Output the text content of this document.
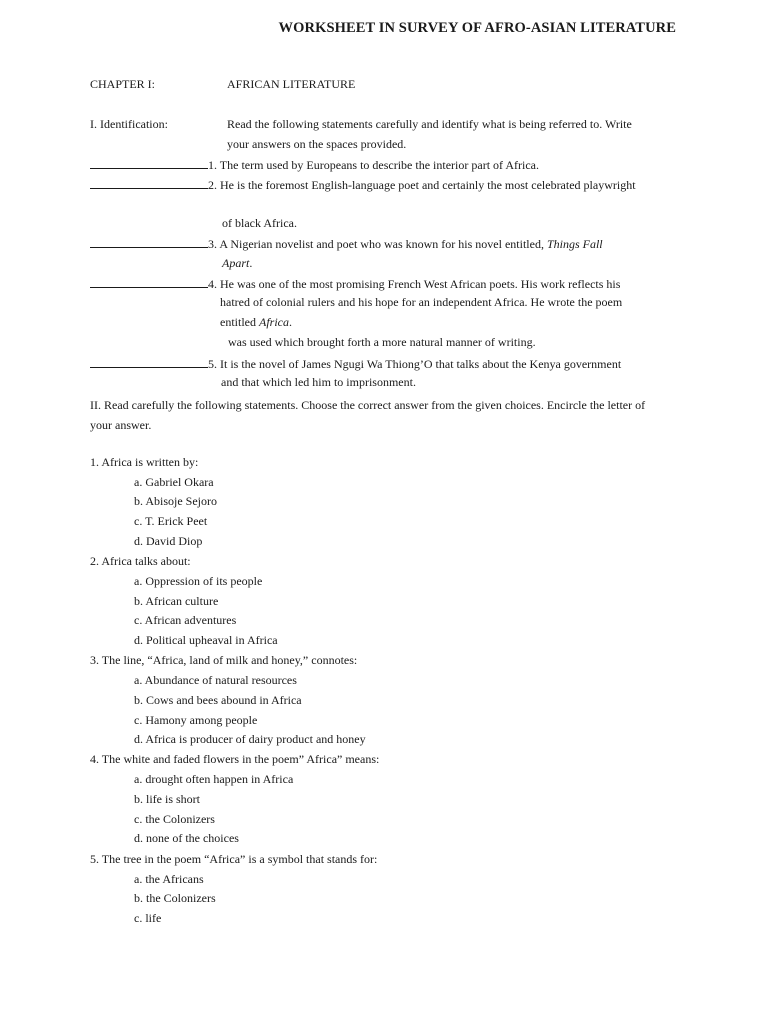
WORKSHEET IN SURVEY OF AFRO-ASIAN LITERATURE
CHAPTER I:	AFRICAN LITERATURE
I. Identification:	Read the following statements carefully and identify what is being referred to. Write
your answers on the spaces provided.
1. The term used by Europeans to describe the interior part of Africa.
2. He is the foremost English-language poet and certainly the most celebrated playwright
of black Africa.
3. A Nigerian novelist and poet who was known for his novel entitled, Things Fall
Apart.
4. He was one of the most promising French West African poets. His work reflects his
hatred of colonial rulers and his hope for an independent Africa. He wrote the poem
entitled Africa.
was used which brought forth a more natural manner of writing.
5. It is the novel of James Ngugi Wa Thiong’O that talks about the Kenya government
and that which led him to imprisonment.
II. Read carefully the following statements. Choose the correct answer from the given choices. Encircle the letter of your answer.
1. Africa is written by:
a. Gabriel Okara
b. Abisoje Sejoro
c. T. Erick Peet
d. David Diop
2. Africa talks about:
a. Oppression of its people
b. African culture
c. African adventures
d. Political upheaval in Africa
3. The line, “Africa, land of milk and honey,” connotes:
a. Abundance of natural resources
b. Cows and bees abound in Africa
c. Hamony among people
d. Africa is producer of dairy product and honey
4. The white and faded flowers in the poem” Africa” means:
a. drought often happen in Africa
b. life is short
c. the Colonizers
d. none of the choices
5. The tree in the poem “Africa” is a symbol that stands for:
a. the Africans
b. the Colonizers
c. life
